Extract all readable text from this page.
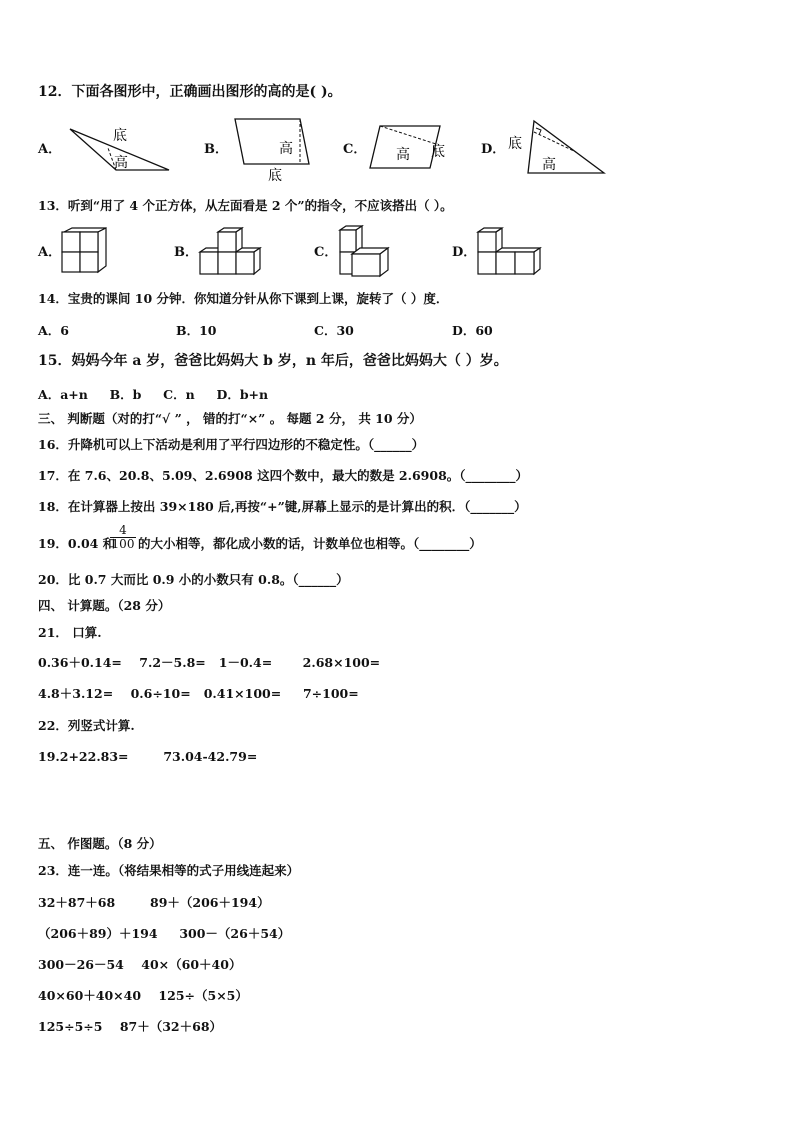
12．下面各图形中，正确画出图形的高的是( )。
A．
底
高
B．	高
底
C． 高 底	D． 底
高
13．听到“用了 4 个正方体，从左面看是 2 个”的指令，不应该搭出（ ）。
A．	B．	C．	D．
14．宝贵的课间 10 分钟．你知道分针从你下课到上课，旋转了（ ）度．
A．6	B．10	C．30	D．60
15．妈妈今年 a 岁，爸爸比妈妈大 b 岁，n 年后，爸爸比妈妈大（ ）岁。
A．a+n     B．b     C．n     D．b+n
三、 判断题（对的打“√ ” ， 错的打“×” 。 每题 2 分， 共 10 分）
16．升降机可以上下活动是利用了平行四边形的不稳定性。（______）
17．在 7.6、20.8、5.09、2.6908 这四个数中，最大的数是 2.6908。（________）
18．在计算器上按出 39×180 后,再按“+”键,屏幕上显示的是计算出的积．（_______）
19．0.04 和
$\frac{4}{100}$ 的大小相等，都化成小数的话，计数单位也相等。（________）
20．比 0.7 大而比 0.9 小的小数只有 0.8。（______）
四、 计算题。（28 分）
21． 口算.
0.36＋0.14=    7.2－5.8=   1－0.4=       2.68×100=
4.8＋3.12=    0.6÷10=   0.41×100=     7÷100=
22．列竖式计算.
19.2+22.83=        73.04-42.79=
五、 作图题。（8 分）
23．连一连。（将结果相等的式子用线连起来）
32＋87＋68        89＋（206＋194）
（206＋89）＋194     300－（26＋54）
300－26－54    40×（60＋40）
40×60＋40×40    125÷（5×5）
125÷5÷5    87＋（32＋68）
